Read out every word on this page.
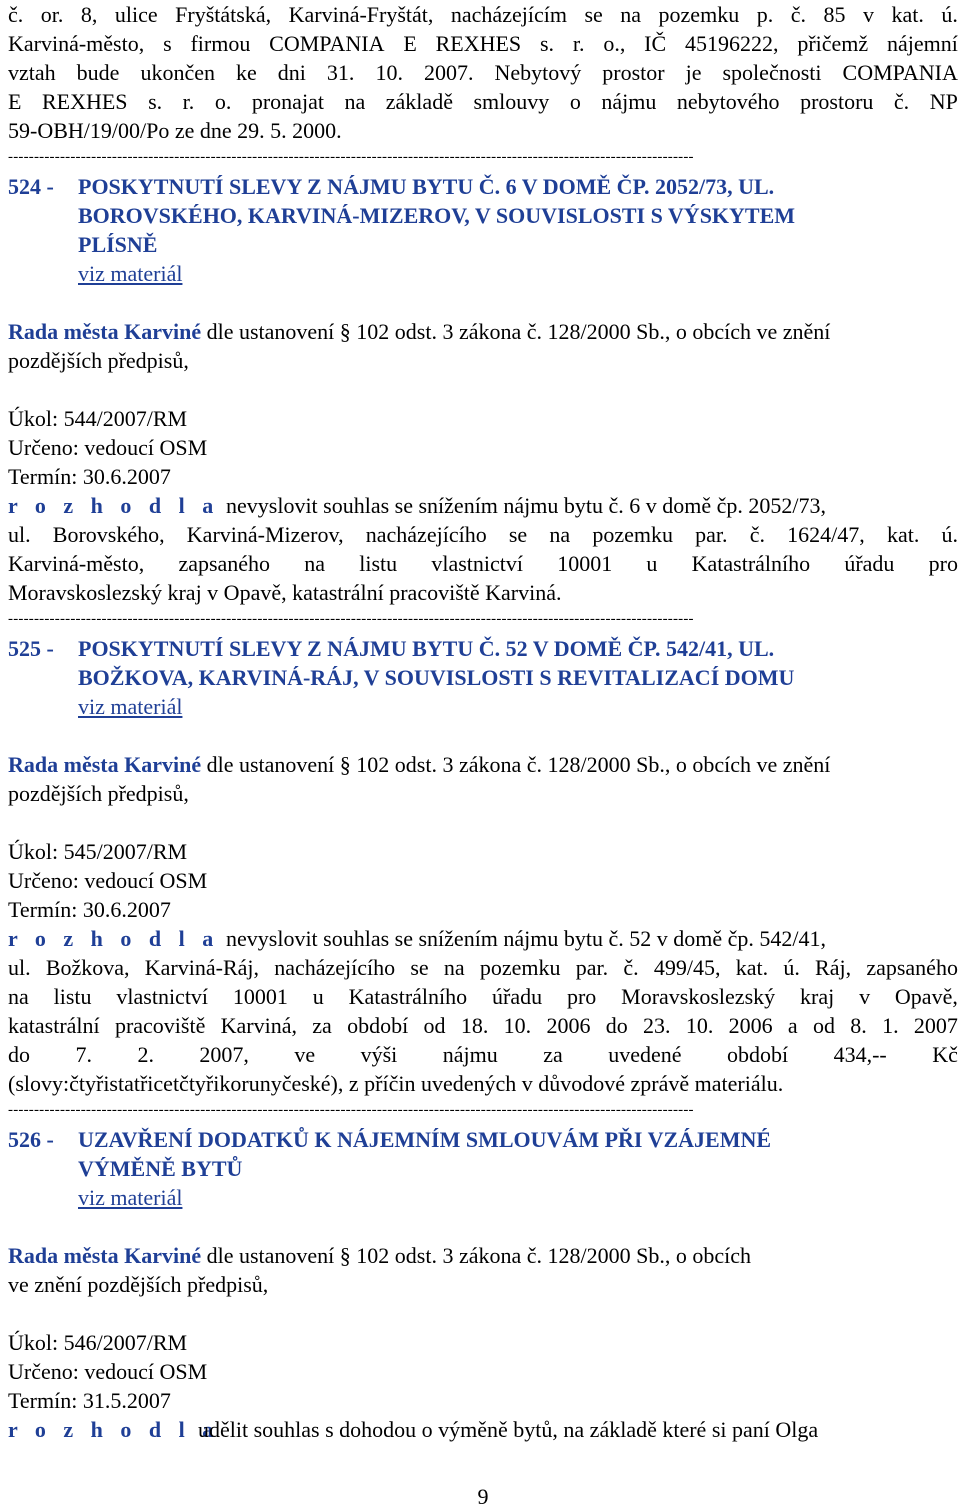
č. or. 8, ulice Fryštátská, Karviná-Fryštát, nacházejícím se na pozemku p. č. 85 v kat. ú.
Karviná-město, s firmou COMPANIA E REXHES s. r. o., IČ 45196222, přičemž nájemní
vztah bude ukončen ke dni 31. 10. 2007. Nebytový prostor je společnosti COMPANIA
E REXHES s. r. o. pronajat na základě smlouvy o nájmu nebytového prostoru č. NP
59-OBH/19/00/Po ze dne 29. 5. 2000.
------------------------------------------------------------------------------------------------------------------------------------
524 - POSKYTNUTÍ SLEVY Z NÁJMU BYTU Č. 6 V DOMĚ ČP. 2052/73, UL.
BOROVSKÉHO, KARVINÁ-MIZEROV, V SOUVISLOSTI S VÝSKYTEM
PLÍSNĚ
viz materiál
Rada města Karviné dle ustanovení § 102 odst. 3 zákona č. 128/2000 Sb., o obcích ve znění
pozdějších předpisů,
Úkol: 544/2007/RM
Určeno: vedoucí OSM
Termín: 30.6.2007
r o z h o d l a nevyslovit souhlas se snížením nájmu bytu č. 6 v domě čp. 2052/73,
ul. Borovského, Karviná-Mizerov, nacházejícího se na pozemku par. č. 1624/47, kat. ú.
Karviná-město, zapsaného na listu vlastnictví 10001 u Katastrálního úřadu pro
Moravskoslezský kraj v Opavě, katastrální pracoviště Karviná.
------------------------------------------------------------------------------------------------------------------------------------
525 - POSKYTNUTÍ SLEVY Z NÁJMU BYTU Č. 52 V DOMĚ ČP. 542/41, UL.
BOŽKOVA, KARVINÁ-RÁJ, V SOUVISLOSTI S REVITALIZACÍ DOMU
viz materiál
Rada města Karviné dle ustanovení § 102 odst. 3 zákona č. 128/2000 Sb., o obcích ve znění
pozdějších předpisů,
Úkol: 545/2007/RM
Určeno: vedoucí OSM
Termín: 30.6.2007
r o z h o d l a nevyslovit souhlas se snížením nájmu bytu č. 52 v domě čp. 542/41,
ul. Božkova, Karviná-Ráj, nacházejícího se na pozemku par. č. 499/45, kat. ú. Ráj, zapsaného
na listu vlastnictví 10001 u Katastrálního úřadu pro Moravskoslezský kraj v Opavě,
katastrální pracoviště Karviná, za období od 18. 10. 2006 do 23. 10. 2006 a od 8. 1. 2007
do 7. 2. 2007, ve výši nájmu za uvedené období 434,-- Kč
(slovy:čtyřistatřicetčtyřikorunyčeské), z příčin uvedených v důvodové zprávě materiálu.
------------------------------------------------------------------------------------------------------------------------------------
526 - UZAVŘENÍ DODATKŮ K NÁJEMNÍM SMLOUVÁM PŘI VZÁJEMNÉ
VÝMĚNĚ BYTŮ
viz materiál
Rada města Karviné dle ustanovení § 102 odst. 3 zákona č. 128/2000 Sb., o obcích
ve znění pozdějších předpisů,
Úkol: 546/2007/RM
Určeno: vedoucí OSM
Termín: 31.5.2007
r o z h o d l audělit souhlas s dohodou o výměně bytů, na základě které si paní Olga
9
